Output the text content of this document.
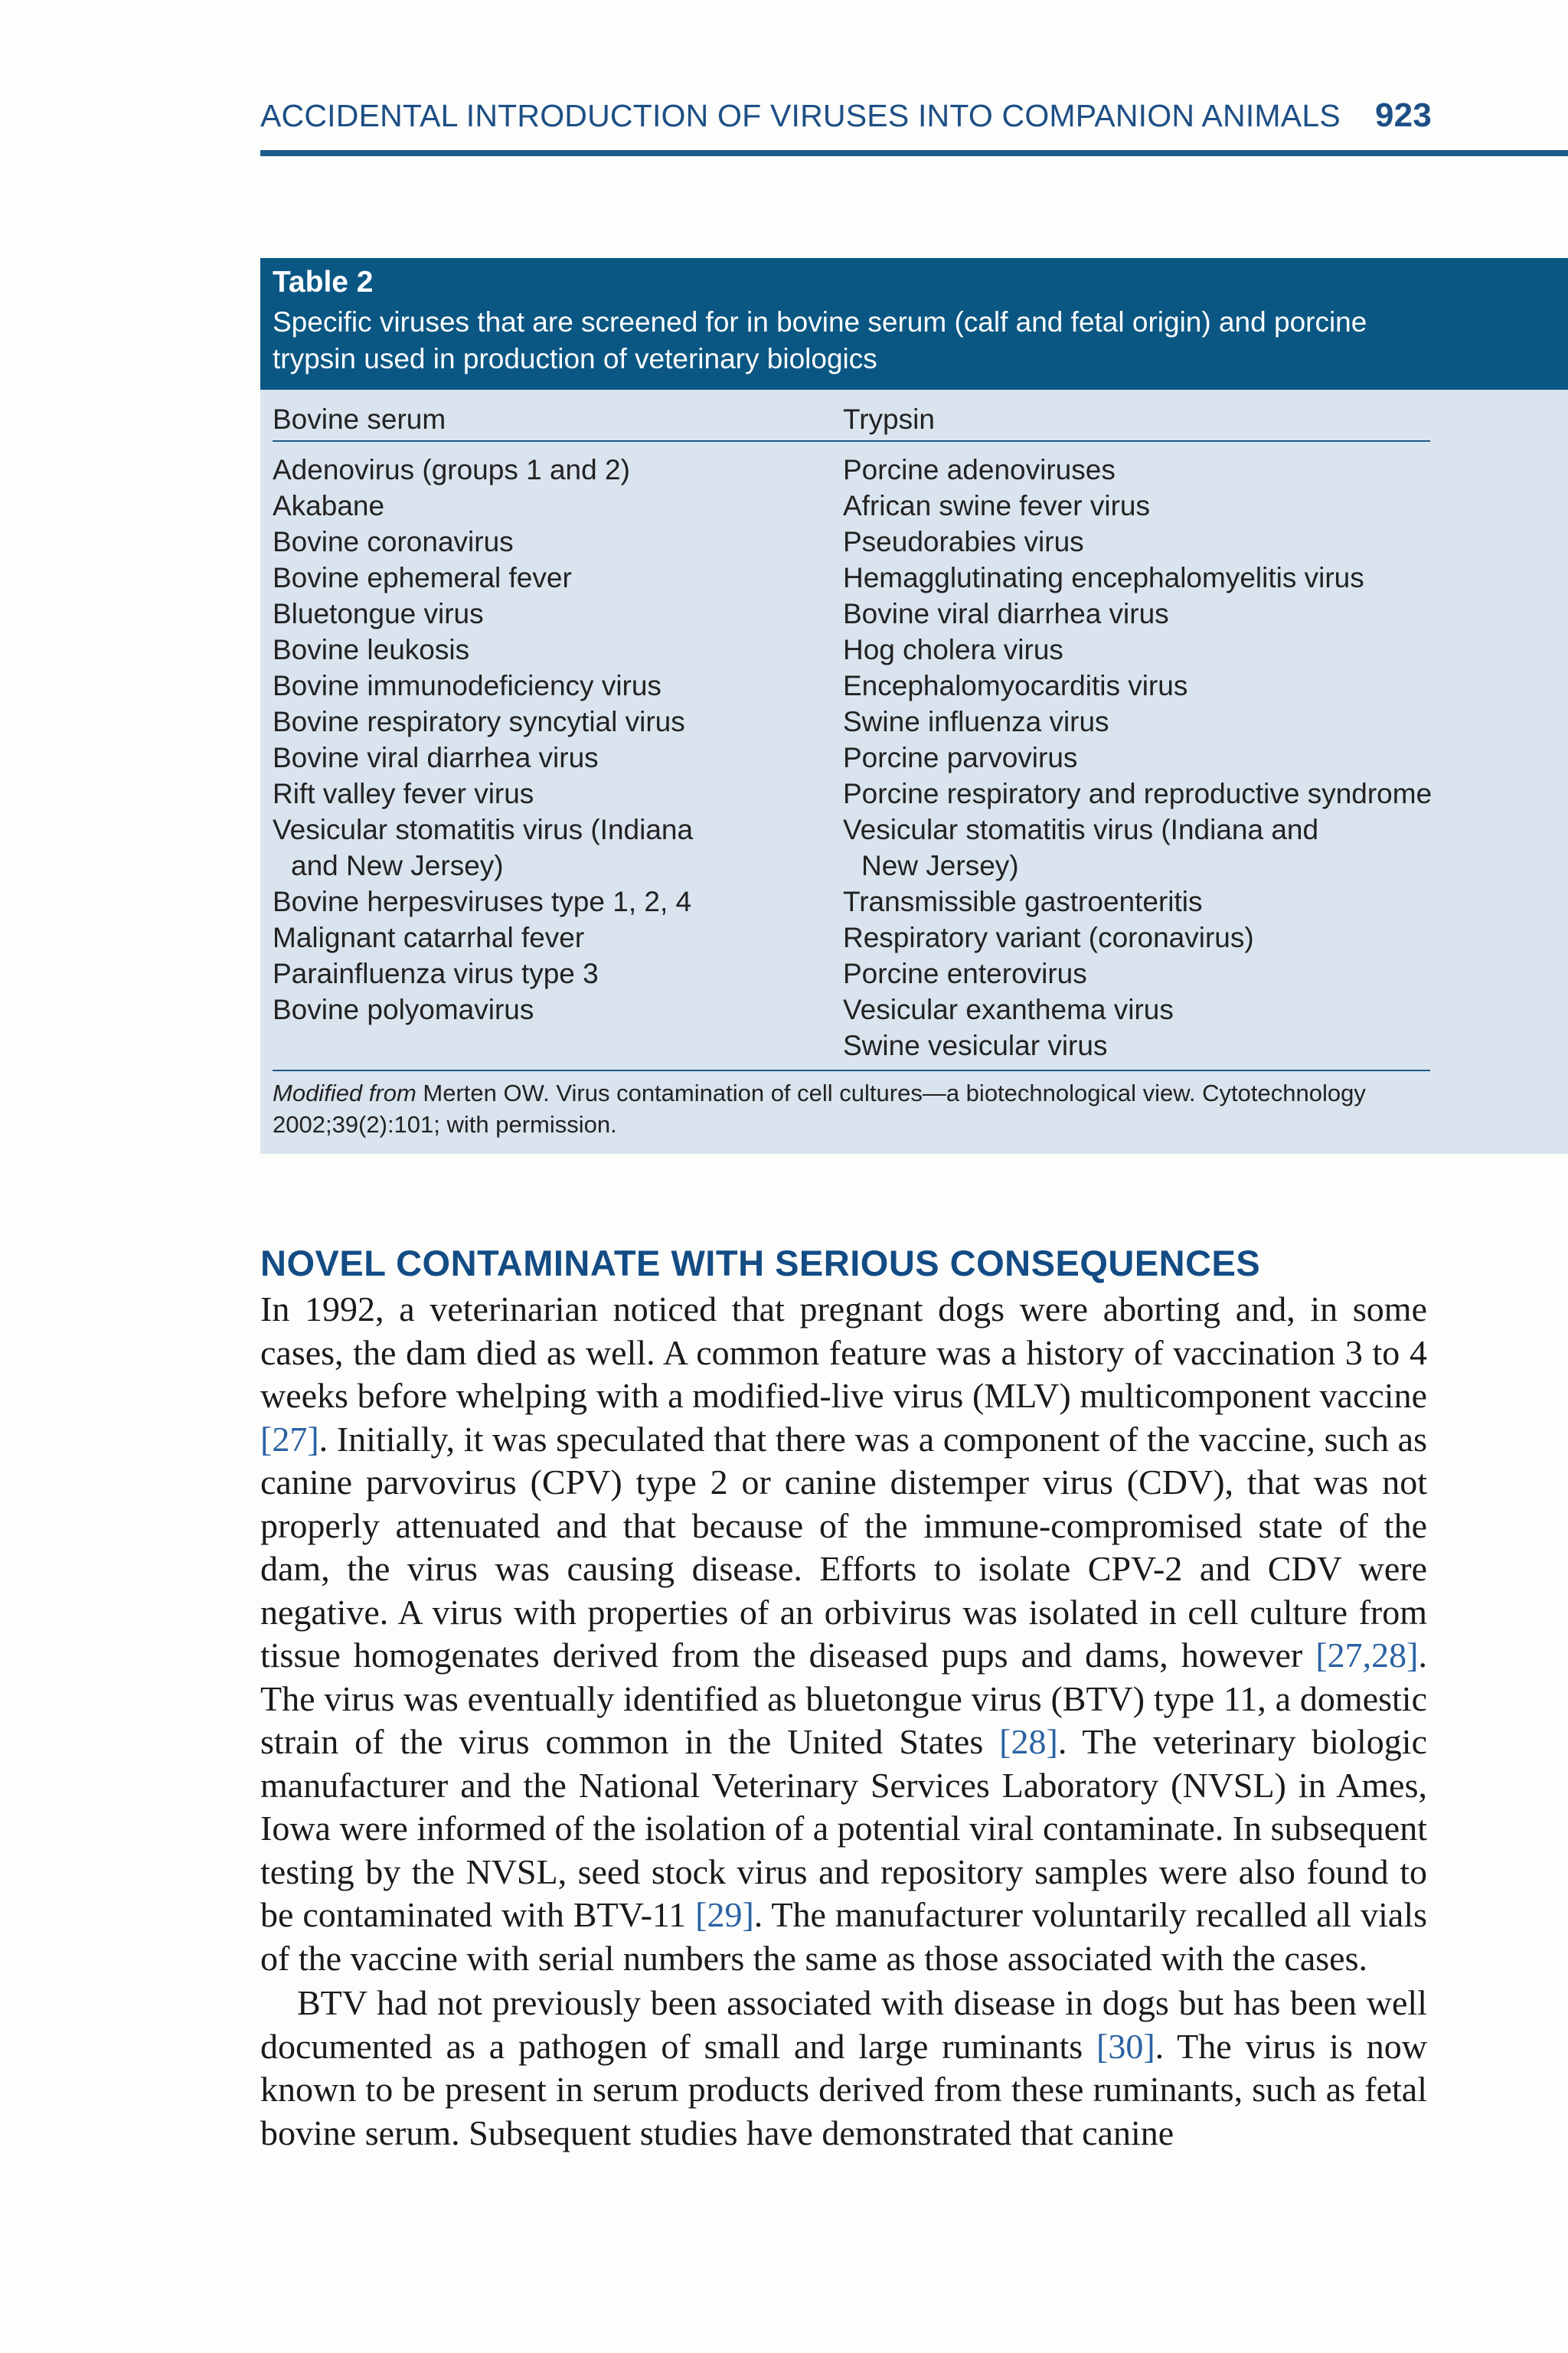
ACCIDENTAL INTRODUCTION OF VIRUSES INTO COMPANION ANIMALS 923
Table 2
Specific viruses that are screened for in bovine serum (calf and fetal origin) and porcine trypsin used in production of veterinary biologics
Bovine serum	Trypsin
Adenovirus (groups 1 and 2)
Akabane
Bovine coronavirus
Bovine ephemeral fever
Bluetongue virus
Bovine leukosis
Bovine immunodeficiency virus
Bovine respiratory syncytial virus
Bovine viral diarrhea virus
Rift valley fever virus
Vesicular stomatitis virus (Indiana
and New Jersey)
Bovine herpesviruses type 1, 2, 4
Malignant catarrhal fever
Parainfluenza virus type 3
Bovine polyomavirus
Porcine adenoviruses
African swine fever virus
Pseudorabies virus
Hemagglutinating encephalomyelitis virus
Bovine viral diarrhea virus
Hog cholera virus
Encephalomyocarditis virus
Swine influenza virus
Porcine parvovirus
Porcine respiratory and reproductive syndrome
Vesicular stomatitis virus (Indiana and
New Jersey)
Transmissible gastroenteritis
Respiratory variant (coronavirus)
Porcine enterovirus
Vesicular exanthema virus
Swine vesicular virus
Modified from Merten OW. Virus contamination of cell cultures—a biotechnological view. Cytotechnology 2002;39(2):101; with permission.
NOVEL CONTAMINATE WITH SERIOUS CONSEQUENCES

In 1992, a veterinarian noticed that pregnant dogs were aborting and, in some cases, the dam died as well. A common feature was a history of vaccination 3 to 4 weeks before whelping with a modified-live virus (MLV) multicomponent vaccine [27]. Initially, it was speculated that there was a component of the vaccine, such as canine parvovirus (CPV) type 2 or canine distemper virus (CDV), that was not properly attenuated and that because of the immune-compromised state of the dam, the virus was causing disease. Efforts to isolate CPV-2 and CDV were negative. A virus with properties of an orbivirus was isolated in cell culture from tissue homogenates derived from the diseased pups and dams, however [27,28]. The virus was eventually identified as bluetongue virus (BTV) type 11, a domestic strain of the virus common in the United States [28]. The veterinary biologic manufacturer and the National Veterinary Services Laboratory (NVSL) in Ames, Iowa were informed of the isolation of a potential viral contaminate. In subsequent testing by the NVSL, seed stock virus and repository samples were also found to be contaminated with BTV-11 [29]. The manufacturer voluntarily recalled all vials of the vaccine with serial numbers the same as those associated with the cases.

BTV had not previously been associated with disease in dogs but has been well documented as a pathogen of small and large ruminants [30]. The virus is now known to be present in serum products derived from these ruminants, such as fetal bovine serum. Subsequent studies have demonstrated that canine
